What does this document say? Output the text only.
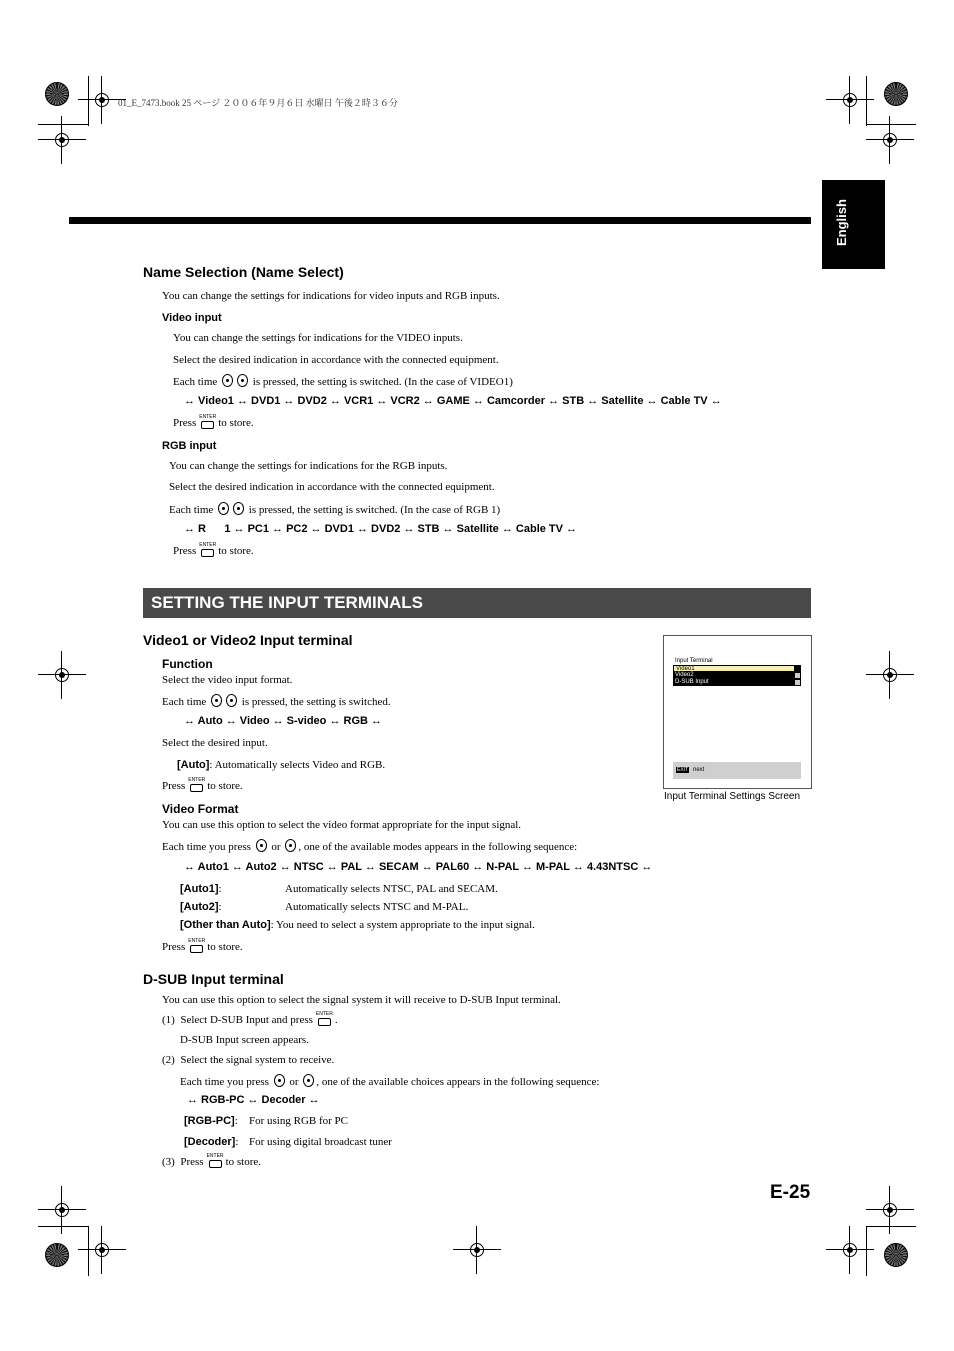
01_E_7473.book 25 ページ ２００６年９月６日 水曜日 午後２時３６分
English
Name Selection (Name Select)
You can change the settings for indications for video inputs and RGB inputs.
Video input
You can change the settings for indications for the VIDEO inputs.
Select the desired indication in accordance with the connected equipment.
Each time	is pressed, the setting is switched. (In the case of VIDEO1)
↔ Video1 ↔ DVD1 ↔ DVD2 ↔ VCR1 ↔ VCR2 ↔ GAME ↔ Camcorder ↔ STB ↔ Satellite ↔ Cable TV ↔
Press ENTER to store.
RGB input
You can change the settings for indications for the RGB inputs.
Select the desired indication in accordance with the connected equipment.
Each time	is pressed, the setting is switched. (In the case of RGB 1)
↔ R      1 ↔ PC1 ↔ PC2 ↔ DVD1 ↔ DVD2 ↔ STB ↔ Satellite ↔ Cable TV ↔
Press ENTER to store.
SETTING THE INPUT TERMINALS
Video1 or Video2 Input terminal
Function
Select the video input format.
Each time	is pressed, the setting is switched.
↔ Auto ↔ Video ↔ S-video ↔ RGB ↔
Select the desired input.
[Auto]: Automatically selects Video and RGB.
Press ENTER to store.
Video Format
You can use this option to select the video format appropriate for the input signal.
Each time you press or , one of the available modes appears in the following sequence:
↔ Auto1 ↔ Auto2 ↔ NTSC ↔ PAL ↔ SECAM ↔ PAL60 ↔ N-PAL ↔ M-PAL ↔ 4.43NTSC ↔
[Auto1]:	Automatically selects NTSC, PAL and SECAM.
[Auto2]:	Automatically selects NTSC and M-PAL.
[Other than Auto]: You need to select a system appropriate to the input signal.
Press ENTER to store.
Input Terminal
Video1
Video2
D-SUB Input
EXIT next
Input Terminal Settings Screen
D-SUB Input terminal
You can use this option to select the signal system it will receive to D-SUB Input terminal.
(1) Select D-SUB Input and press ENTER .
D-SUB Input screen appears.
(2) Select the signal system to receive.
Each time you press or , one of the available choices appears in the following sequence:
↔ RGB-PC ↔ Decoder ↔
[RGB-PC]: For using RGB for PC
[Decoder]: For using digital broadcast tuner
(3) Press ENTER to store.
E-25
